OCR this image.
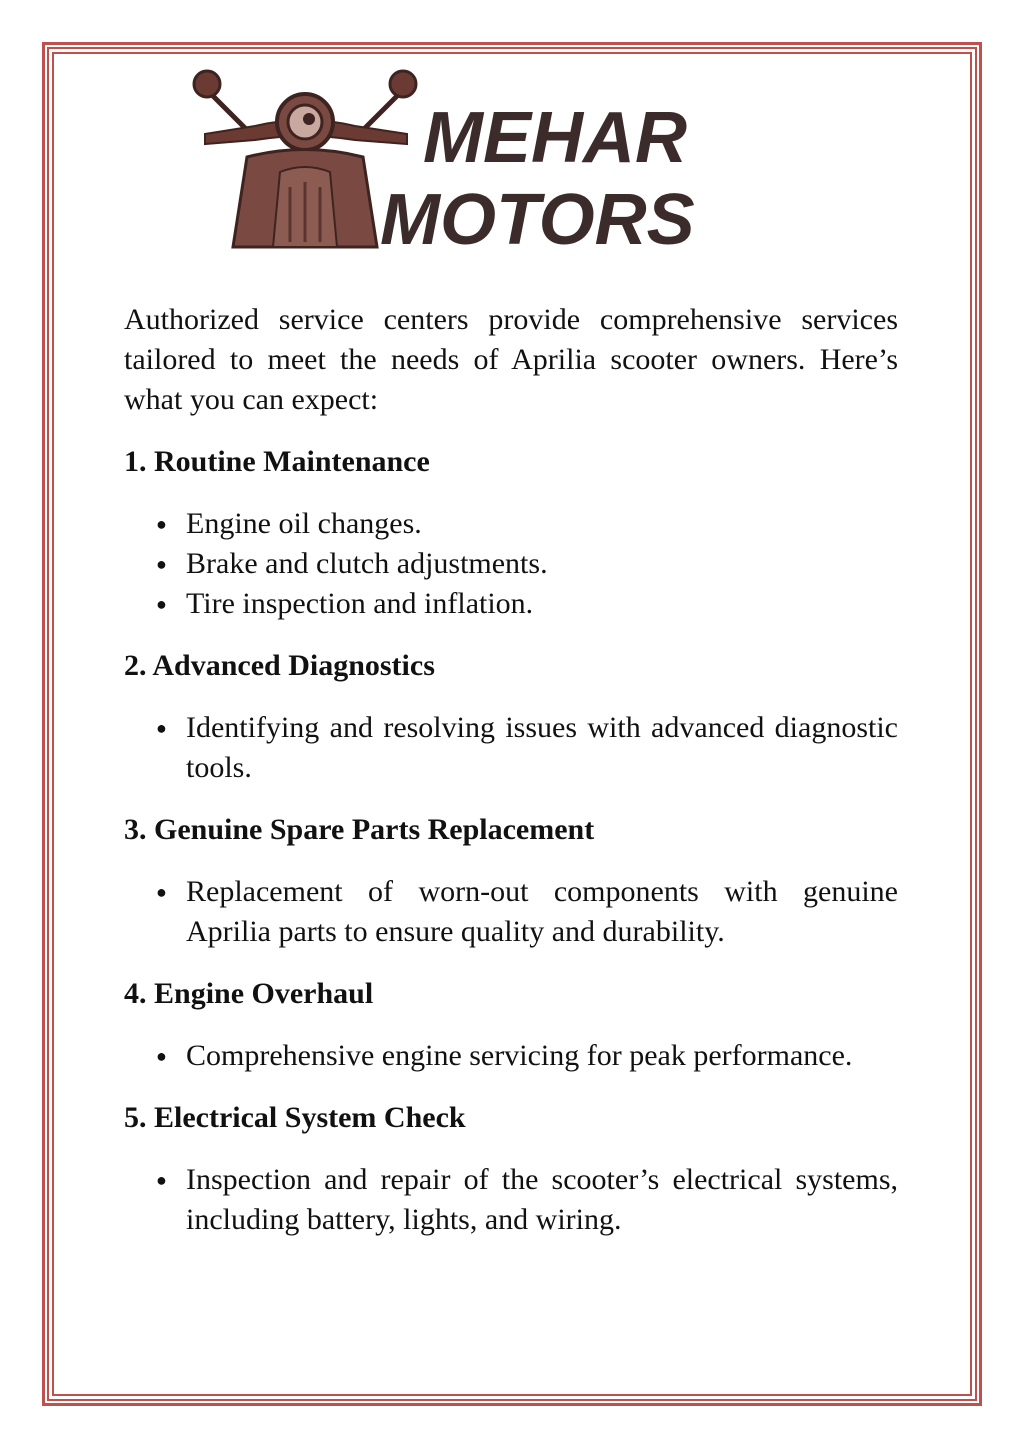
MEHAR
MOTORS

Authorized service centers provide comprehensive services tailored to meet the needs of Aprilia scooter owners. Here’s what you can expect:

1. Routine Maintenance
● Engine oil changes.
● Brake and clutch adjustments.
● Tire inspection and inflation.
2. Advanced Diagnostics
● Identifying and resolving issues with advanced diagnostic tools.
3. Genuine Spare Parts Replacement
● Replacement of worn-out components with genuine Aprilia parts to ensure quality and durability.
4. Engine Overhaul
● Comprehensive engine servicing for peak performance.
5. Electrical System Check
● Inspection and repair of the scooter’s electrical systems, including battery, lights, and wiring.
